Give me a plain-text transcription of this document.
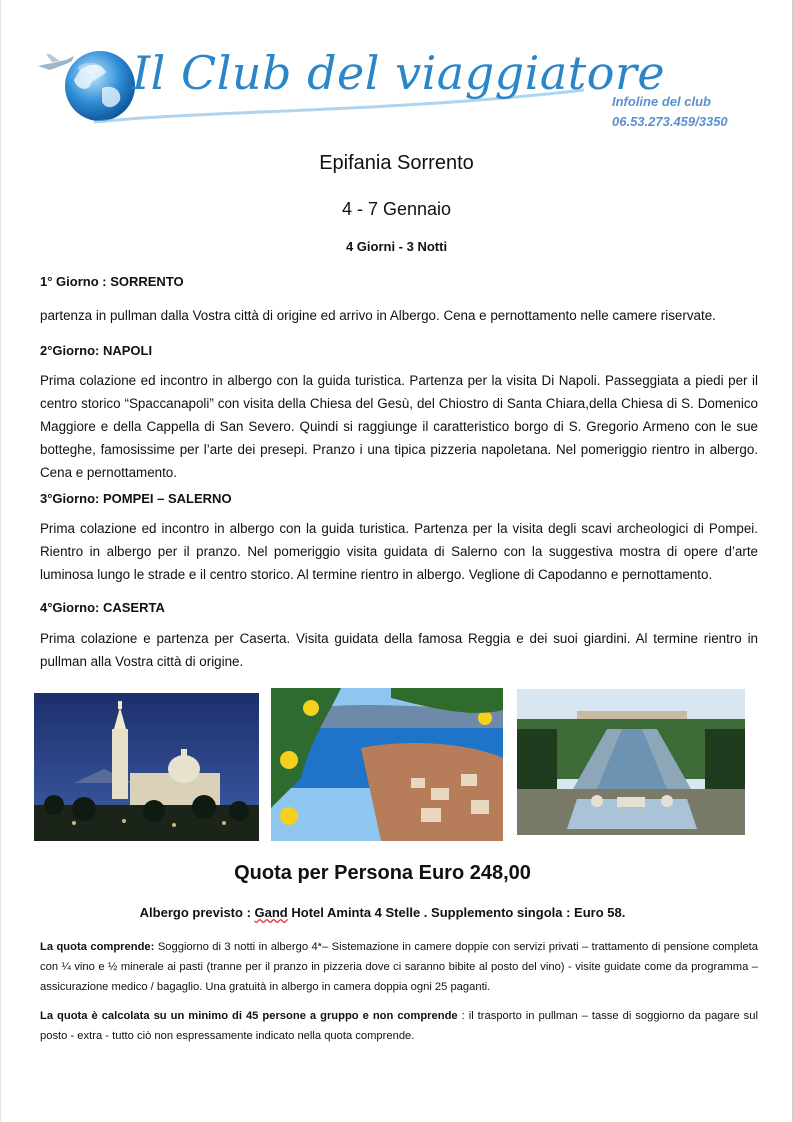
Il Club del viaggiatore
Infoline del club
06.53.273.459/3350
Epifania Sorrento
4 - 7 Gennaio
4 Giorni - 3 Notti
1° Giorno : SORRENTO
partenza in pullman dalla Vostra città di origine ed arrivo in Albergo. Cena e pernottamento nelle camere riservate.
2°Giorno: NAPOLI
Prima colazione ed incontro in albergo con la guida turistica. Partenza per la visita Di Napoli. Passeggiata a piedi per il centro storico “Spaccanapoli” con visita della Chiesa del Gesù, del Chiostro di Santa Chiara,della Chiesa di S. Domenico Maggiore e della Cappella di San Severo. Quindi si raggiunge il caratteristico borgo di S. Gregorio Armeno con le sue botteghe, famosissime per l’arte dei presepi. Pranzo i una tipica pizzeria napoletana. Nel pomeriggio rientro in albergo. Cena e pernottamento.
3°Giorno: POMPEI – SALERNO
Prima colazione ed incontro in albergo con la guida turistica. Partenza per la visita degli scavi archeologici di Pompei. Rientro in albergo per il pranzo. Nel pomeriggio visita guidata di Salerno con la suggestiva mostra di opere d’arte luminosa lungo le strade e il centro storico. Al termine rientro in albergo. Veglione di Capodanno e pernottamento.
4°Giorno: CASERTA
Prima colazione e partenza per Caserta. Visita guidata della famosa Reggia e dei suoi giardini. Al termine rientro in pullman alla Vostra città di origine.
Quota per Persona Euro 248,00
Albergo previsto : Gand Hotel Aminta 4 Stelle . Supplemento singola : Euro 58.
La quota comprende: Soggiorno di 3 notti in albergo 4*– Sistemazione in camere doppie con servizi privati – trattamento di pensione completa con ¼ vino e ½ minerale ai pasti (tranne per il pranzo in pizzeria dove ci saranno bibite al posto del vino) - visite guidate come da programma – assicurazione medico / bagaglio. Una gratuità in albergo in camera doppia ogni 25 paganti.
La quota è calcolata su un minimo di 45 persone a gruppo e non comprende : il trasporto in pullman – tasse di soggiorno da pagare sul posto - extra - tutto ciò non espressamente indicato nella quota comprende.
